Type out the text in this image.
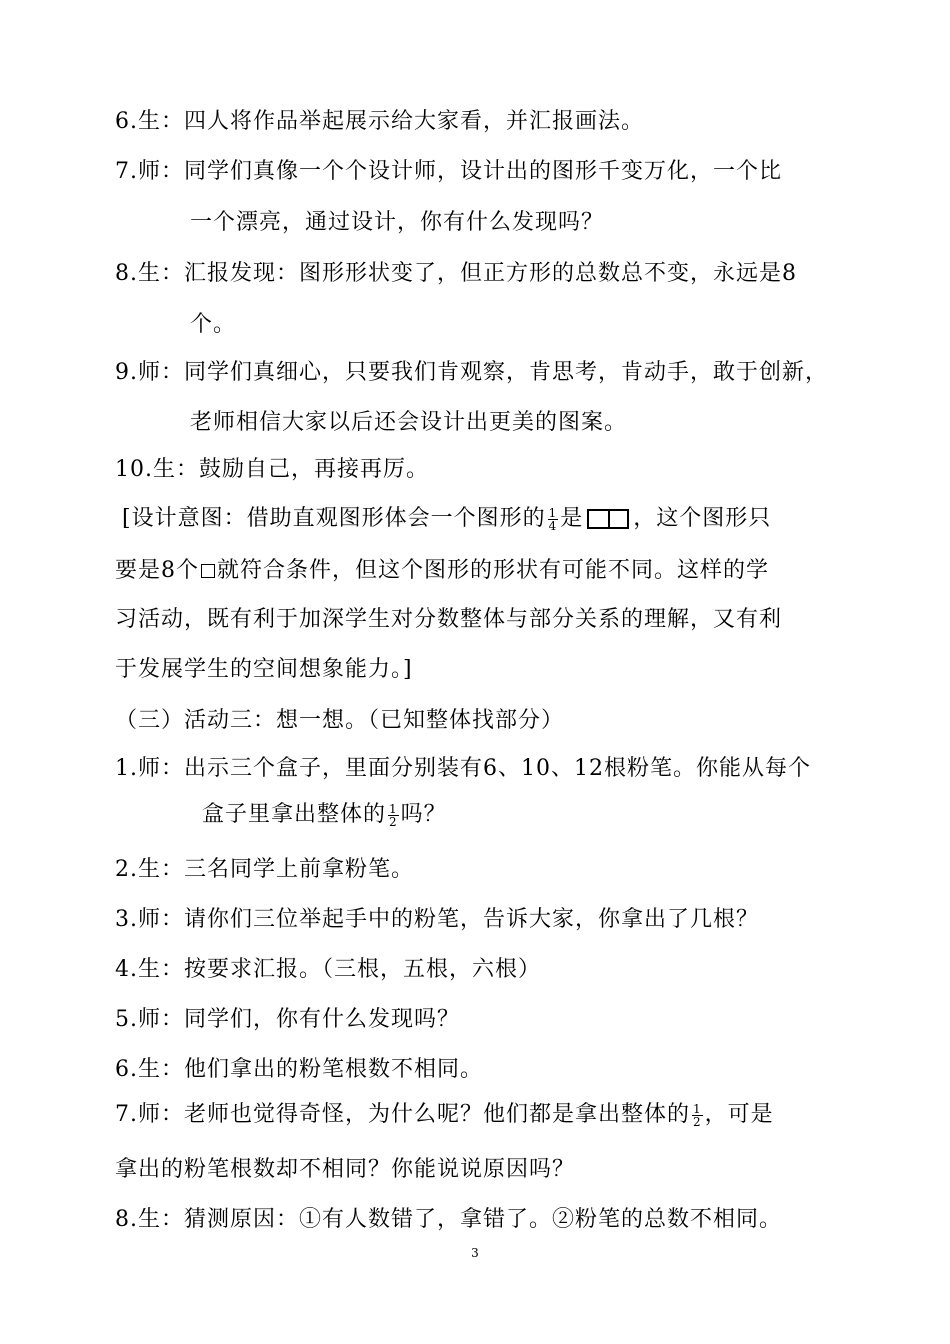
6.生：四人将作品举起展示给大家看，并汇报画法。
7.师：同学们真像一个个设计师，设计出的图形千变万化，一个比
一个漂亮，通过设计，你有什么发现吗？
8.生：汇报发现：图形形状变了，但正方形的总数总不变，永远是8
个。
9.师：同学们真细心，只要我们肯观察，肯思考，肯动手，敢于创新，
老师相信大家以后还会设计出更美的图案。
10.生：鼓励自己，再接再厉。
[设计意图：借助直观图形体会一个图形的 $\frac{1}{4}$ 是 ，这个图形只
要是8个 就符合条件，但这个图形的形状有可能不同。这样的学
习活动，既有利于加深学生对分数整体与部分关系的理解，又有利
于发展学生的空间想象能力。]
（三）活动三：想一想。（已知整体找部分）
1.师：出示三个盒子，里面分别装有6、10、12根粉笔。你能从每个
盒子里拿出整体的 $\frac{1}{2}$ 吗？
2.生：三名同学上前拿粉笔。
3.师：请你们三位举起手中的粉笔，告诉大家，你拿出了几根？
4.生：按要求汇报。（三根，五根，六根）
5.师：同学们，你有什么发现吗？
6.生：他们拿出的粉笔根数不相同。
7.师：老师也觉得奇怪，为什么呢？他们都是拿出整体的 $\frac{1}{2}$ ，可是
拿出的粉笔根数却不相同？你能说说原因吗？
8.生：猜测原因：①有人数错了，拿错了。②粉笔的总数不相同。
3
